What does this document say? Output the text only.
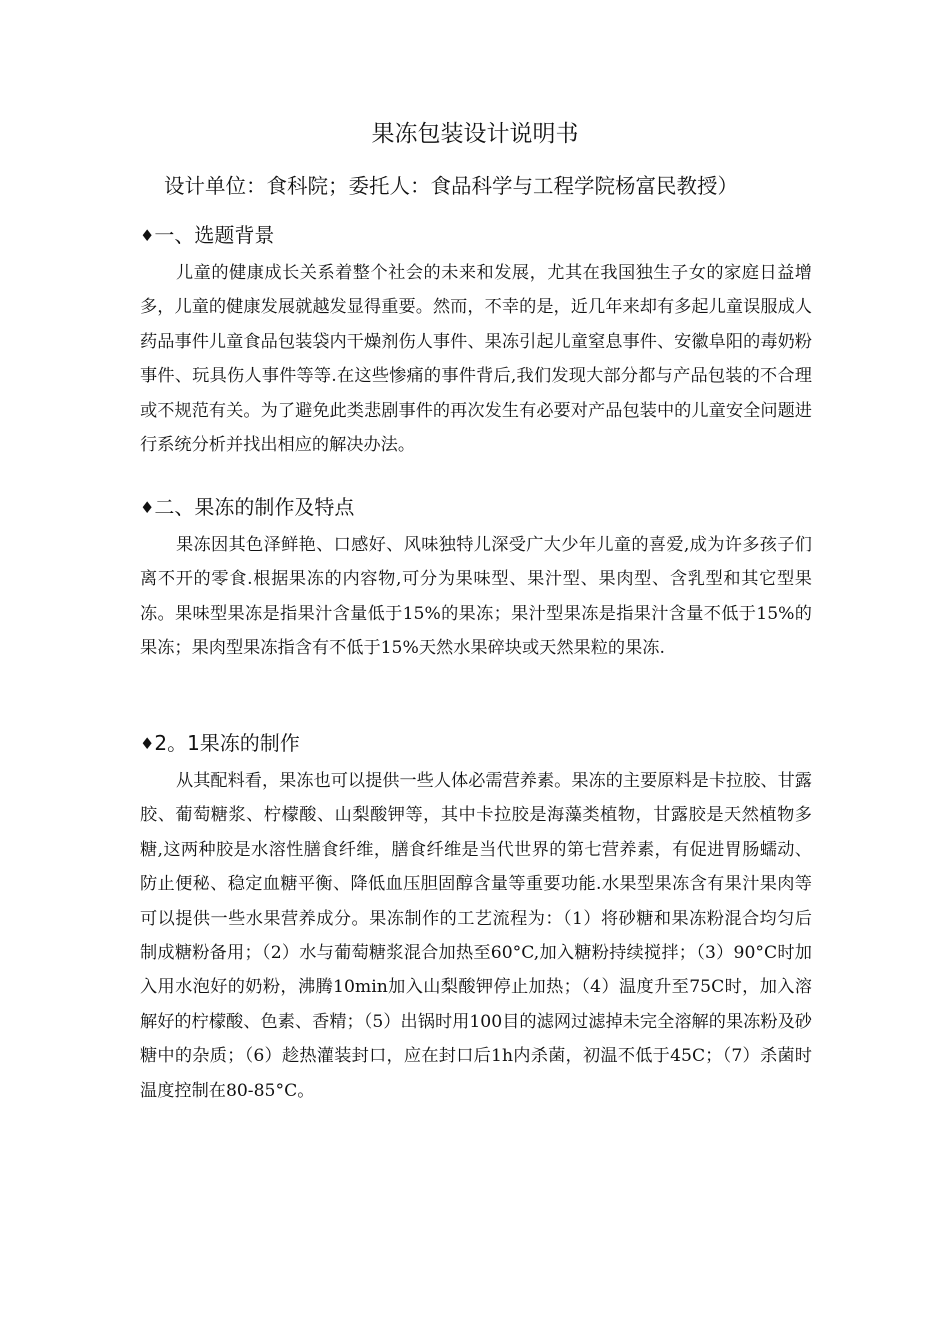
果冻包装设计说明书
设计单位：食科院；委托人：食品科学与工程学院杨富民教授）
♦一、选题背景

儿童的健康成长关系着整个社会的未来和发展，尤其在我国独生子女的家庭日益增多，儿童的健康发展就越发显得重要。然而，不幸的是，近几年来却有多起儿童误服成人药品事件儿童食品包装袋内干燥剂伤人事件、果冻引起儿童窒息事件、安徽阜阳的毒奶粉事件、玩具伤人事件等等.在这些惨痛的事件背后,我们发现大部分都与产品包装的不合理或不规范有关。为了避免此类悲剧事件的再次发生有必要对产品包装中的儿童安全问题进行系统分析并找出相应的解决办法。

♦二、果冻的制作及特点

果冻因其色泽鲜艳、口感好、风味独特儿深受广大少年儿童的喜爱,成为许多孩子们离不开的零食.根据果冻的内容物,可分为果味型、果汁型、果肉型、含乳型和其它型果冻。果味型果冻是指果汁含量低于15%的果冻；果汁型果冻是指果汁含量不低于15%的果冻；果肉型果冻指含有不低于15%天然水果碎块或天然果粒的果冻.

♦2。1果冻的制作

从其配料看，果冻也可以提供一些人体必需营养素。果冻的主要原料是卡拉胶、甘露胶、葡萄糖浆、柠檬酸、山梨酸钾等，其中卡拉胶是海藻类植物，甘露胶是天然植物多糖,这两种胶是水溶性膳食纤维，膳食纤维是当代世界的第七营养素，有促进胃肠蠕动、防止便秘、稳定血糖平衡、降低血压胆固醇含量等重要功能.水果型果冻含有果汁果肉等可以提供一些水果营养成分。果冻制作的工艺流程为：（1）将砂糖和果冻粉混合均匀后制成糖粉备用；（2）水与葡萄糖浆混合加热至60°C,加入糖粉持续搅拌；（3）90°C时加入用水泡好的奶粉，沸腾10min加入山梨酸钾停止加热；（4）温度升至75C时，加入溶解好的柠檬酸、色素、香精；（5）出锅时用100目的滤网过滤掉未完全溶解的果冻粉及砂糖中的杂质；（6）趁热灌装封口，应在封口后1h内杀菌，初温不低于45C；（7）杀菌时温度控制在80-85°C。
